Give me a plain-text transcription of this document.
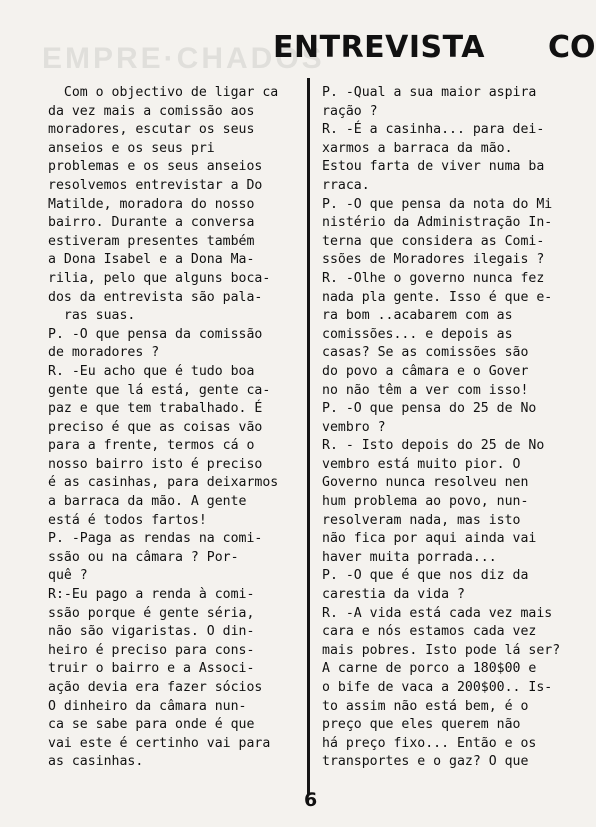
EMPRE·CHADOS
ENTREVISTA CO
Com o objectivo de ligar ca
da vez mais a comissão aos
moradores, escutar os seus
anseios e os seus pri
problemas e os seus anseios
resolvemos entrevistar a Do
Matilde, moradora do nosso
bairro. Durante a conversa
estiveram presentes também
a Dona Isabel e a Dona Ma-
rilia, pelo que alguns boca-
dos da entrevista são pala-
ras suas.
P. -O que pensa da comissão
de moradores ?
R. -Eu acho que é tudo boa
gente que lá está, gente ca-
paz e que tem trabalhado. É
preciso é que as coisas vão
para a frente, termos cá o
nosso bairro isto é preciso
é as casinhas, para deixarmos
a barraca da mão. A gente
está é todos fartos!
P. -Paga as rendas na comi-
ssão ou na câmara ? Por-
quê ?
R:-Eu pago a renda à comi-
ssão porque é gente séria,
não são vigaristas. O din-
heiro é preciso para cons-
truir o bairro e a Associ-
ação devia era fazer sócios
O dinheiro da câmara nun-
ca se sabe para onde é que
vai este é certinho vai para
as casinhas.
P. -Qual a sua maior aspira
ração ?
R. -É a casinha... para dei-
xarmos a barraca da mão.
Estou farta de viver numa ba
rraca.
P. -O que pensa da nota do Mi
nistério da Administração In-
terna que considera as Comi-
ssões de Moradores ilegais ?
R. -Olhe o governo nunca fez
nada pla gente. Isso é que e-
ra bom ..acabarem com as
comissões... e depois as
casas? Se as comissões são
do povo a câmara e o Gover
no não têm a ver com isso!
P. -O que pensa do 25 de No
vembro ?
R. - Isto depois do 25 de No
vembro está muito pior. O
Governo nunca resolveu nen
hum problema ao povo, nun-
resolveram nada, mas isto
não fica por aqui ainda vai
haver muita porrada...
P. -O que é que nos diz da
carestia da vida ?
R. -A vida está cada vez mais
cara e nós estamos cada vez
mais pobres. Isto pode lá ser?
A carne de porco a 180$00 e
o bife de vaca a 200$00.. Is-
to assim não está bem, é o
preço que eles querem não
há preço fixo... Então e os
transportes e o gaz? O que
6
